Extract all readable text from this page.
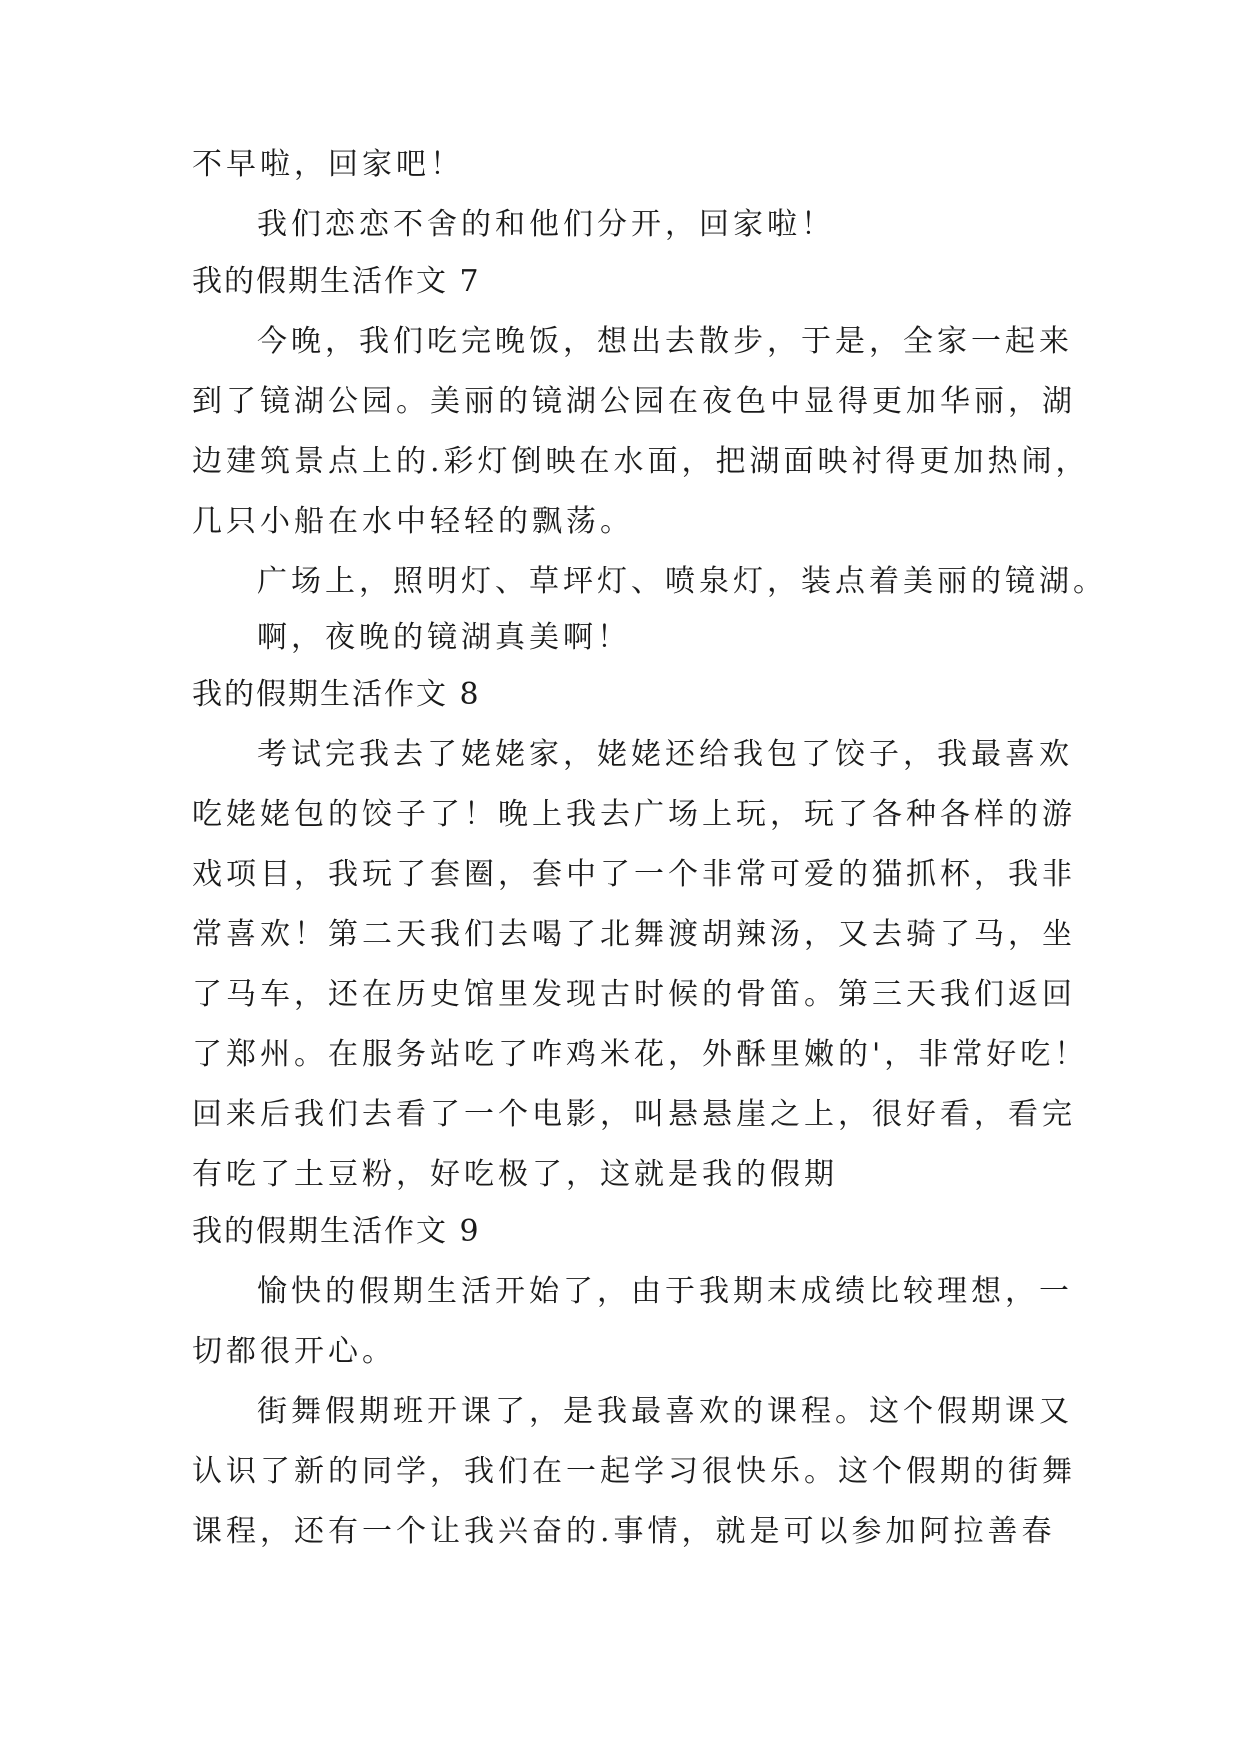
不早啦，回家吧！
我们恋恋不舍的和他们分开，回家啦！
我的假期生活作文 7
今晚，我们吃完晚饭，想出去散步，于是，全家一起来
到了镜湖公园。美丽的镜湖公园在夜色中显得更加华丽，湖
边建筑景点上的.彩灯倒映在水面，把湖面映衬得更加热闹，
几只小船在水中轻轻的飘荡。
广场上，照明灯、草坪灯、喷泉灯，装点着美丽的镜湖。
啊，夜晚的镜湖真美啊！
我的假期生活作文 8
考试完我去了姥姥家，姥姥还给我包了饺子，我最喜欢
吃姥姥包的饺子了！晚上我去广场上玩，玩了各种各样的游
戏项目，我玩了套圈，套中了一个非常可爱的猫抓杯，我非
常喜欢！第二天我们去喝了北舞渡胡辣汤，又去骑了马，坐
了马车，还在历史馆里发现古时候的骨笛。第三天我们返回
了郑州。在服务站吃了咋鸡米花，外酥里嫩的'，非常好吃！
回来后我们去看了一个电影，叫悬悬崖之上，很好看，看完
有吃了土豆粉，好吃极了，这就是我的假期
我的假期生活作文 9
愉快的假期生活开始了，由于我期末成绩比较理想，一
切都很开心。
街舞假期班开课了，是我最喜欢的课程。这个假期课又
认识了新的同学，我们在一起学习很快乐。这个假期的街舞
课程，还有一个让我兴奋的.事情，就是可以参加阿拉善春
